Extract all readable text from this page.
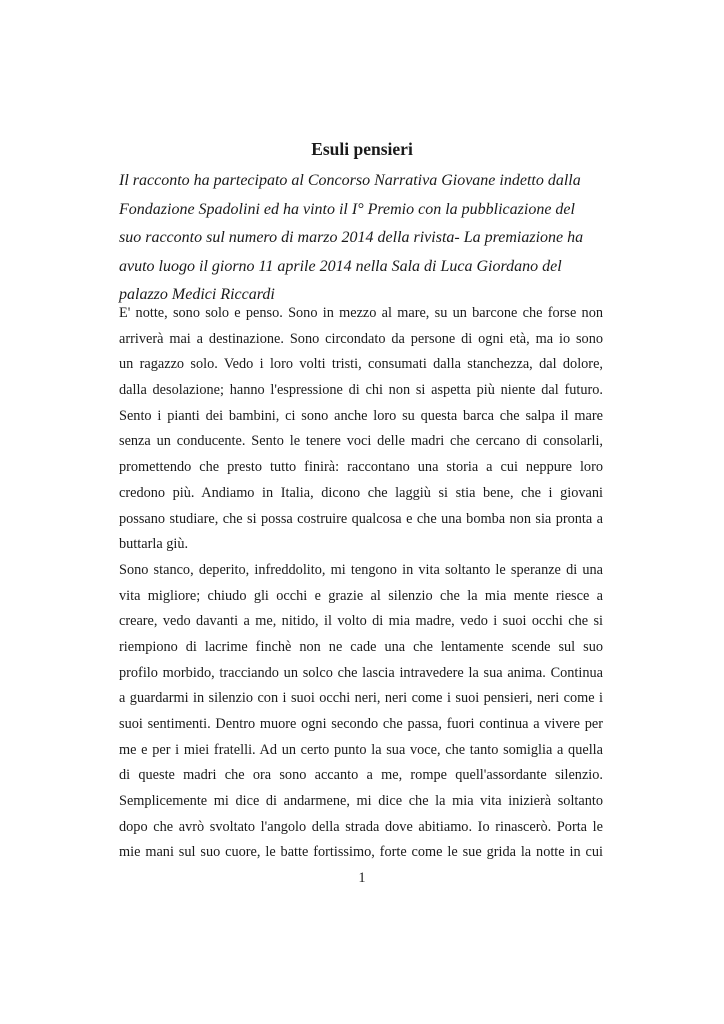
Esuli pensieri
Il racconto ha partecipato al Concorso Narrativa Giovane indetto dalla
Fondazione Spadolini ed ha vinto il I° Premio con la pubblicazione del
suo racconto sul numero di marzo 2014 della rivista- La premiazione ha
avuto luogo il giorno 11 aprile 2014 nella Sala di Luca Giordano del
palazzo Medici Riccardi
E' notte, sono solo e penso. Sono in mezzo al mare, su un barcone che forse non
arriverà mai a destinazione. Sono circondato da persone di ogni età, ma io sono
un ragazzo solo. Vedo i loro volti tristi, consumati dalla stanchezza, dal dolore,
dalla desolazione; hanno l'espressione di chi non si aspetta più niente dal futuro.
Sento i pianti dei bambini, ci sono anche loro su questa barca che salpa il mare
senza un conducente. Sento le tenere voci delle madri che cercano di consolarli,
promettendo che presto tutto finirà: raccontano una storia a cui neppure loro
credono più. Andiamo in Italia, dicono che laggiù si stia bene, che i giovani
possano studiare, che si possa costruire qualcosa e che una bomba non sia pronta a
buttarla giù.
Sono stanco, deperito, infreddolito, mi tengono in vita soltanto le speranze di una
vita migliore; chiudo gli occhi e grazie al silenzio che la mia mente riesce a
creare, vedo davanti a me, nitido, il volto di mia madre, vedo i suoi occhi che si
riempiono di lacrime finchè non ne cade una che lentamente scende sul suo
profilo morbido, tracciando un solco che lascia intravedere la sua anima. Continua
a guardarmi in silenzio con i suoi occhi neri, neri come i suoi pensieri, neri come i
suoi sentimenti. Dentro muore ogni secondo che passa, fuori continua a vivere per
me e per i miei fratelli. Ad un certo punto la sua voce, che tanto somiglia a quella
di queste madri che ora sono accanto a me, rompe quell'assordante silenzio.
Semplicemente mi dice di andarmene, mi dice che la mia vita inizierà soltanto
dopo che avrò svoltato l'angolo della strada dove abitiamo. Io rinascerò. Porta le
mie mani sul suo cuore, le batte fortissimo, forte come le sue grida la notte in cui
1
